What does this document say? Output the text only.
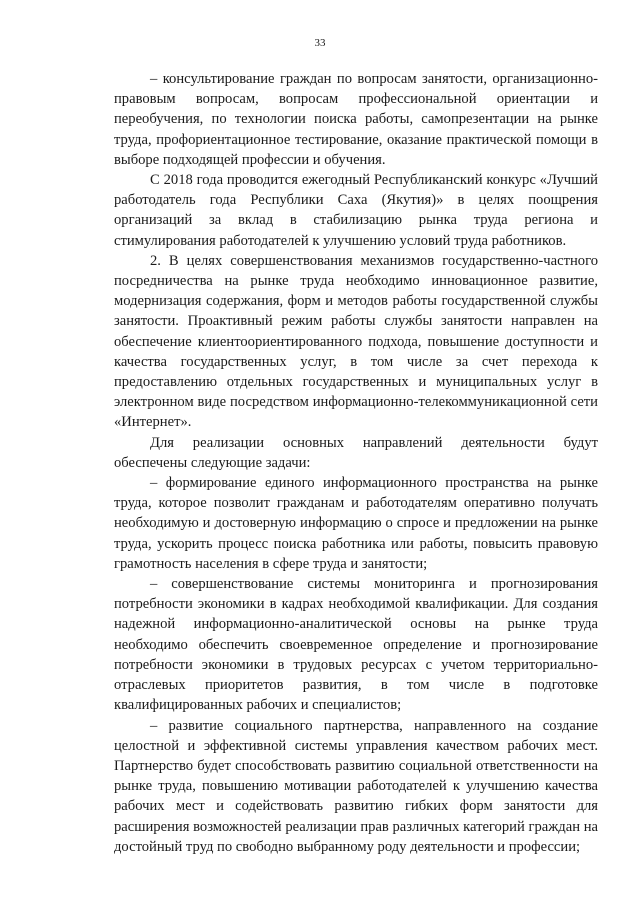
33

– консультирование граждан по вопросам занятости, организационно-правовым вопросам, вопросам профессиональной ориентации и переобучения, по технологии поиска работы, самопрезентации на рынке труда, профориентационное тестирование, оказание практической помощи в выборе подходящей профессии и обучения.

С 2018 года проводится ежегодный Республиканский конкурс «Лучший работодатель года Республики Саха (Якутия)» в целях поощрения организаций за вклад в стабилизацию рынка труда региона и стимулирования работодателей к улучшению условий труда работников.

2. В целях совершенствования механизмов государственно-частного посредничества на рынке труда необходимо инновационное развитие, модернизация содержания, форм и методов работы государственной службы занятости. Проактивный режим работы службы занятости направлен на обеспечение клиентоориентированного подхода, повышение доступности и качества государственных услуг, в том числе за счет перехода к предоставлению отдельных государственных и муниципальных услуг в электронном виде посредством информационно-телекоммуникационной сети «Интернет».

Для реализации основных направлений деятельности будут обеспечены следующие задачи:

– формирование единого информационного пространства на рынке труда, которое позволит гражданам и работодателям оперативно получать необходимую и достоверную информацию о спросе и предложении на рынке труда, ускорить процесс поиска работника или работы, повысить правовую грамотность населения в сфере труда и занятости;

– совершенствование системы мониторинга и прогнозирования потребности экономики в кадрах необходимой квалификации. Для создания надежной информационно-аналитической основы на рынке труда необходимо обеспечить своевременное определение и прогнозирование потребности экономики в трудовых ресурсах с учетом территориально-отраслевых приоритетов развития, в том числе в подготовке квалифицированных рабочих и специалистов;

– развитие социального партнерства, направленного на создание целостной и эффективной системы управления качеством рабочих мест. Партнерство будет способствовать развитию социальной ответственности на рынке труда, повышению мотивации работодателей к улучшению качества рабочих мест и содействовать развитию гибких форм занятости для расширения возможностей реализации прав различных категорий граждан на достойный труд по свободно выбранному роду деятельности и профессии;
